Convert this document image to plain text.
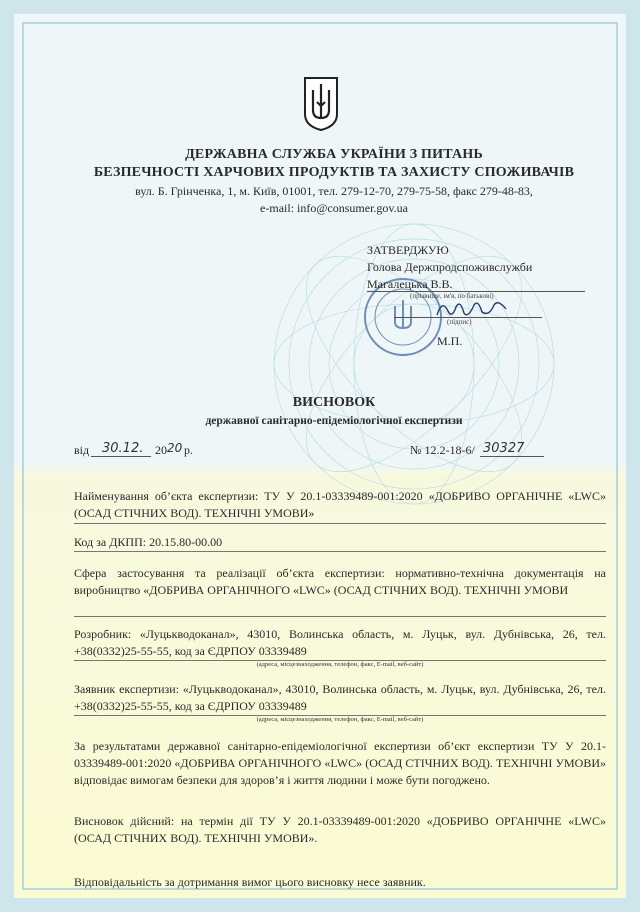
ДЕРЖАВНА СЛУЖБА УКРАЇНИ З ПИТАНЬ
БЕЗПЕЧНОСТІ ХАРЧОВИХ ПРОДУКТІВ ТА ЗАХИСТУ СПОЖИВАЧІВ
вул. Б. Грінченка, 1, м. Київ, 01001, тел. 279-12-70, 279-75-58, факс 279-48-83,
e-mail: info@consumer.gov.ua
ЗАТВЕРДЖУЮ
Голова Держпродспоживслужби
Магалецька В.В.
(прізвище, ім'я, по батькові)
(підпис)
М.П.
ВИСНОВОК
державної санітарно-епідеміологічної експертизи
від 30.12. 20 20 р.	№ 12.2-18-6/ 30327
Найменування об’єкта експертизи: ТУ У 20.1-03339489-001:2020 «ДОБРИВО ОРГАНІЧНЕ «LWC» (ОСАД СТІЧНИХ ВОД). ТЕХНІЧНІ УМОВИ»
Код за ДКПП: 20.15.80-00.00
Сфера застосування та реалізації об’єкта експертизи: нормативно-технічна документація на виробництво «ДОБРИВА ОРГАНІЧНОГО «LWC» (ОСАД СТІЧНИХ ВОД). ТЕХНІЧНІ УМОВИ
Розробник: «Луцькводоканал», 43010, Волинська область, м. Луцьк, вул. Дубнівська, 26, тел. +38(0332)25-55-55, код за ЄДРПОУ 03339489
(адреса, місцезнаходження, телефон, факс, E-mail, веб-сайт)
Заявник експертизи: «Луцькводоканал», 43010, Волинська область, м. Луцьк, вул. Дубнівська, 26, тел. +38(0332)25-55-55, код за ЄДРПОУ 03339489
(адреса, місцезнаходження, телефон, факс, E-mail, веб-сайт)
За результатами державної санітарно-епідеміологічної експертизи об’єкт експертизи ТУ У 20.1-03339489-001:2020 «ДОБРИВА ОРГАНІЧНОГО «LWC» (ОСАД СТІЧНИХ ВОД). ТЕХНІЧНІ УМОВИ» відповідає вимогам безпеки для здоров’я і життя людини і може бути погоджено.
Висновок дійсний: на термін дії ТУ У 20.1-03339489-001:2020 «ДОБРИВО ОРГАНІЧНЕ «LWC» (ОСАД СТІЧНИХ ВОД). ТЕХНІЧНІ УМОВИ».
Відповідальність за дотримання вимог цього висновку несе заявник.
